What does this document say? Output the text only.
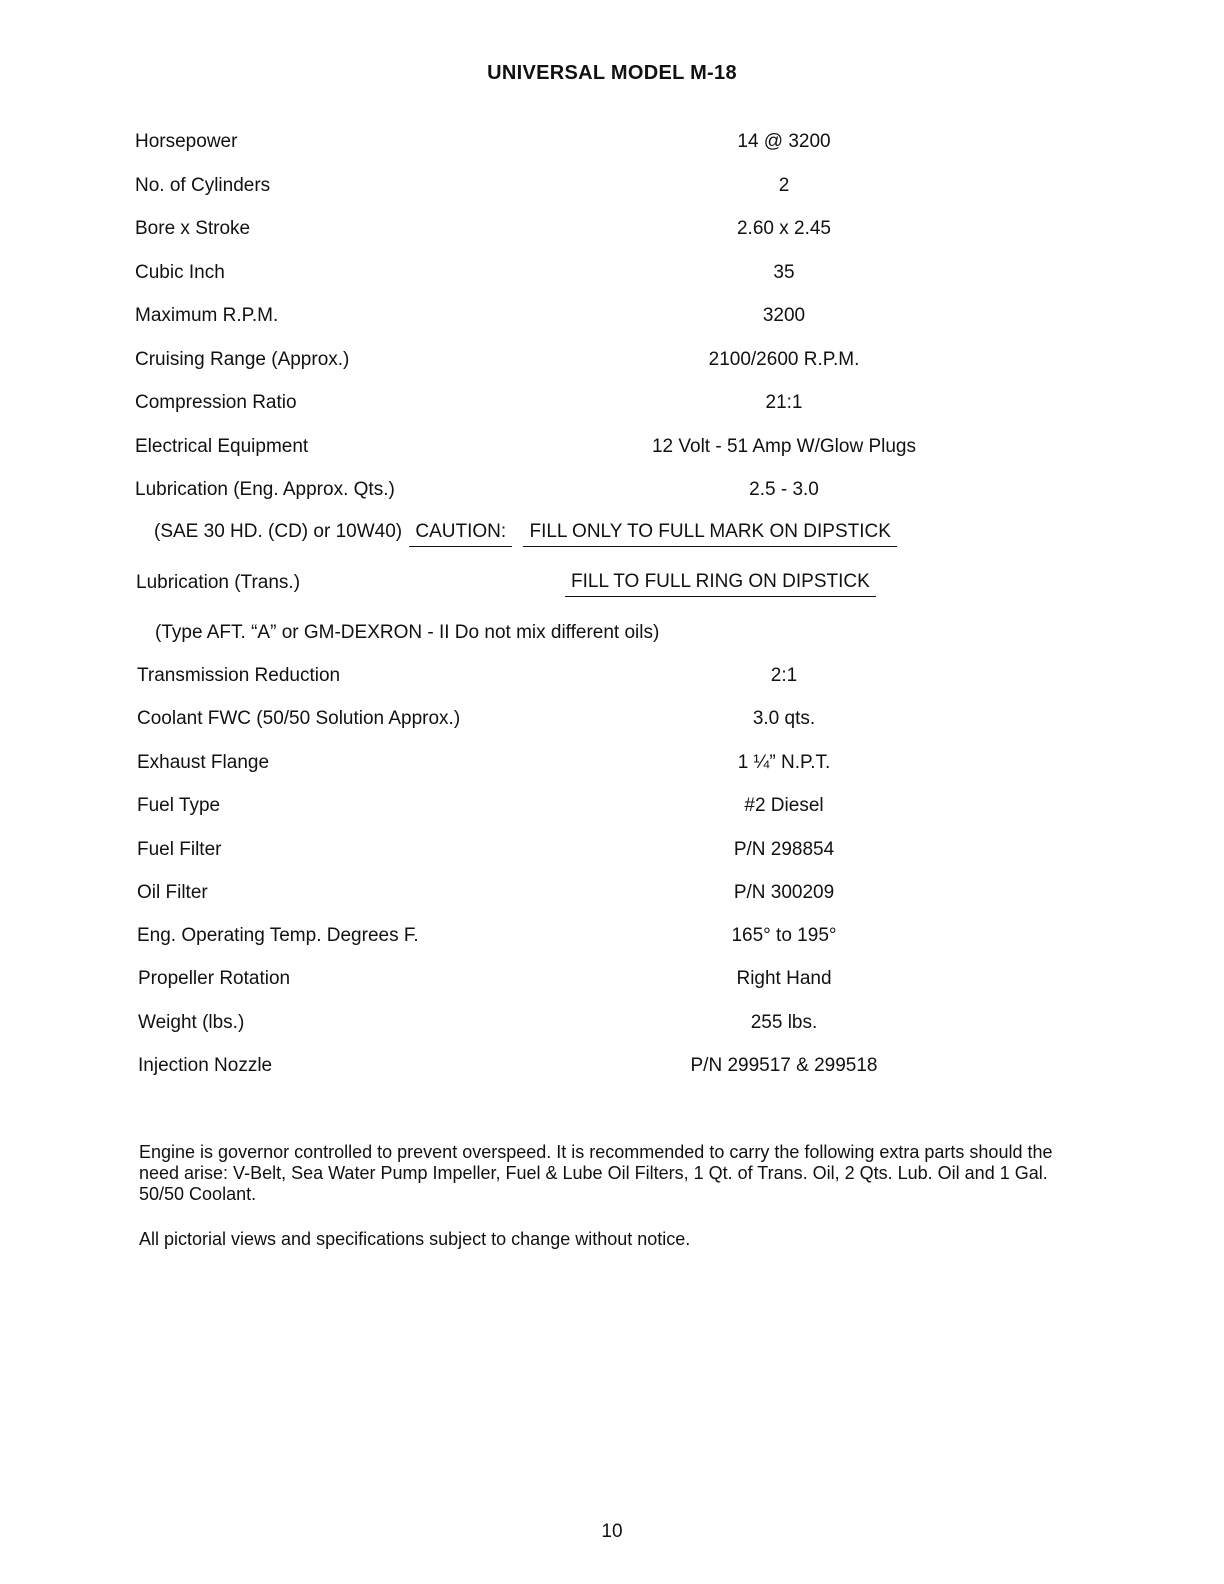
UNIVERSAL MODEL M-18
Horsepower	14 @ 3200
No. of Cylinders	2
Bore x Stroke	2.60 x 2.45
Cubic Inch	35
Maximum R.P.M.	3200
Cruising Range (Approx.)	2100/2600 R.P.M.
Compression Ratio	21:1
Electrical Equipment	12 Volt - 51 Amp W/Glow Plugs
Lubrication (Eng. Approx. Qts.)	2.5 - 3.0
(SAE 30 HD. (CD) or 10W40) CAUTION: FILL ONLY TO FULL MARK ON DIPSTICK
Lubrication (Trans.)	FILL TO FULL RING ON DIPSTICK
(Type AFT. “A” or GM-DEXRON - II Do not mix different oils)
Transmission Reduction	2:1
Coolant FWC (50/50 Solution Approx.)	3.0 qts.
Exhaust Flange	1 ¼” N.P.T.
Fuel Type	#2 Diesel
Fuel Filter	P/N 298854
Oil Filter	P/N 300209
Eng. Operating Temp. Degrees F.	165° to 195°
Propeller Rotation	Right Hand
Weight (lbs.)	255 lbs.
Injection Nozzle	P/N 299517 & 299518
Engine is governor controlled to prevent overspeed. It is recommended to carry the following extra parts should the need arise: V-Belt, Sea Water Pump Impeller, Fuel & Lube Oil Filters, 1 Qt. of Trans. Oil, 2 Qts. Lub. Oil and 1 Gal. 50/50 Coolant.
All pictorial views and specifications subject to change without notice.
10
